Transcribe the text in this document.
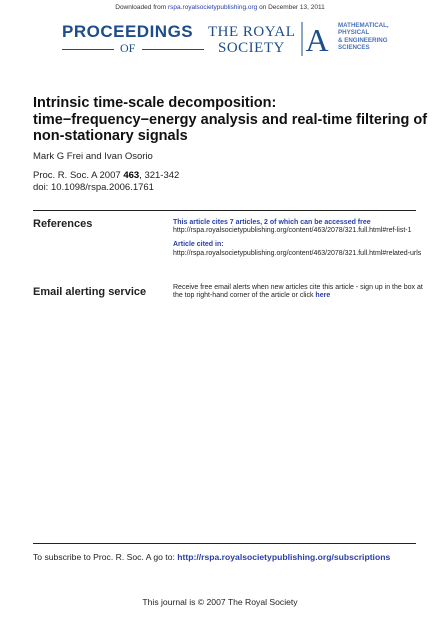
Downloaded from rspa.royalsocietypublishing.org on December 13, 2011
PROCEEDINGS
OF
THE ROYAL
SOCIETY A MATHEMATICAL,
PHYSICAL
& ENGINEERING
SCIENCES
Intrinsic time-scale decomposition: time−frequency−energy analysis and real-time filtering of non-stationary signals
Mark G Frei and Ivan Osorio
Proc. R. Soc. A 2007 463, 321-342
doi: 10.1098/rspa.2006.1761
References	This article cites 7 articles, 2 of which can be accessed free
http://rspa.royalsocietypublishing.org/content/463/2078/321.full.html#ref-list-1
Article cited in:
http://rspa.royalsocietypublishing.org/content/463/2078/321.full.html#related-urls
Email alerting service	Receive free email alerts when new articles cite this article - sign up in the box at the top right-hand corner of the article or click here
To subscribe to Proc. R. Soc. A go to: http://rspa.royalsocietypublishing.org/subscriptions
This journal is © 2007 The Royal Society
